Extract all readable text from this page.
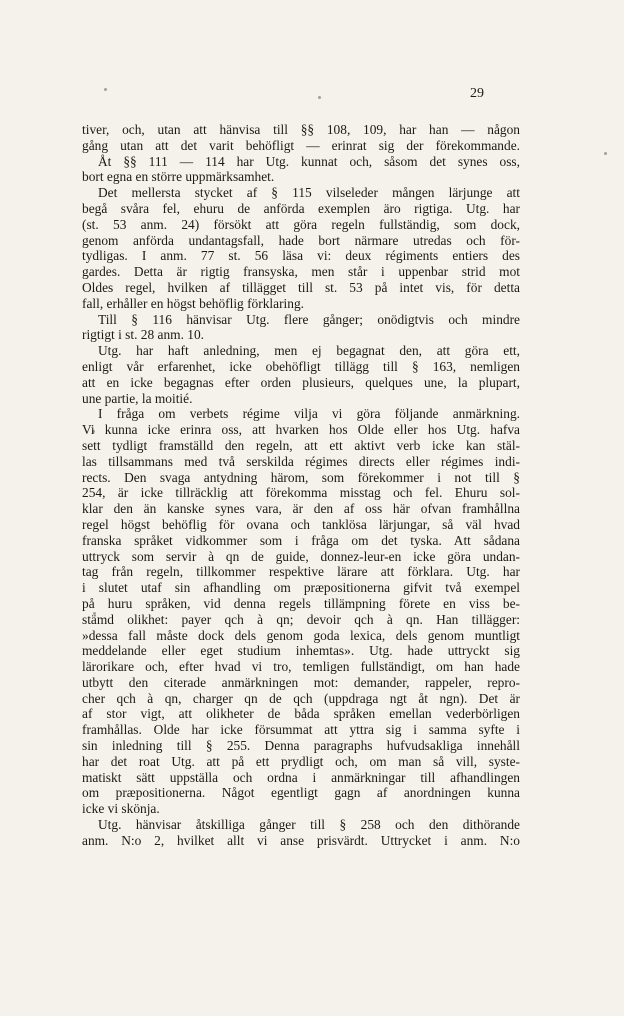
29
tiver, och, utan att hänvisa till §§ 108, 109, har han — någon
gång utan att det varit behöfligt — erinrat sig der förekommande.
Åt §§ 111 — 114 har Utg. kunnat och, såsom det synes oss,
bort egna en större uppmärksamhet.
Det mellersta stycket af § 115 vilseleder mången lärjunge att
begå svåra fel, ehuru de anförda exemplen äro rigtiga. Utg. har
(st. 53 anm. 24) försökt att göra regeln fullständig, som dock,
genom anförda undantagsfall, hade bort närmare utredas och för-
tydligas. I anm. 77 st. 56 läsa vi: deux régiments entiers des
gardes. Detta är rigtig fransyska, men står i uppenbar strid mot
Oldes regel, hvilken af tillägget till st. 53 på intet vis, för detta
fall, erhåller en högst behöflig förklaring.
Till § 116 hänvisar Utg. flere gånger; onödigtvis och mindre
rigtigt i st. 28 anm. 10.
Utg. har haft anledning, men ej begagnat den, att göra ett,
enligt vår erfarenhet, icke obehöfligt tillägg till § 163, nemligen
att en icke begagnas efter orden plusieurs, quelques une, la plupart,
une partie, la moitié.
I fråga om verbets régime vilja vi göra följande anmärkning.
Vi kunna icke erinra oss, att hvarken hos Olde eller hos Utg. hafva
sett tydligt framställd den regeln, att ett aktivt verb icke kan stäl-
las tillsammans med två serskilda régimes directs eller régimes indi-
rects. Den svaga antydning härom, som förekommer i not till §
254, är icke tillräcklig att förekomma misstag och fel. Ehuru sol-
klar den än kanske synes vara, är den af oss här ofvan framhållna
regel högst behöflig för ovana och tanklösa lärjungar, så väl hvad
franska språket vidkommer som i fråga om det tyska. Att sådana
uttryck som servir à qn de guide, donnez-leur-en icke göra undan-
tag från regeln, tillkommer respektive lärare att förklara. Utg. har
i slutet utaf sin afhandling om præpositionerna gifvit två exempel
på huru språken, vid denna regels tillämpning förete en viss be-
stämd olikhet: payer qch à qn; devoir qch à qn. Han tillägger:
»dessa fall måste dock dels genom goda lexica, dels genom muntligt
meddelande eller eget studium inhemtas». Utg. hade uttryckt sig
lärorikare och, efter hvad vi tro, temligen fullständigt, om han hade
utbytt den citerade anmärkningen mot: demander, rappeler, repro-
cher qch à qn, charger qn de qch (uppdraga ngt åt ngn). Det är
af stor vigt, att olikheter de båda språken emellan vederbörligen
framhållas. Olde har icke försummat att yttra sig i samma syfte i
sin inledning till § 255. Denna paragraphs hufvudsakliga innehåll
har det roat Utg. att på ett prydligt och, om man så vill, syste-
matiskt sätt uppställa och ordna i anmärkningar till afhandlingen
om præpositionerna. Något egentligt gagn af anordningen kunna
icke vi skönja.
Utg. hänvisar åtskilliga gånger till § 258 och den dithörande
anm. N:o 2, hvilket allt vi anse prisvärdt. Uttrycket i anm. N:o
